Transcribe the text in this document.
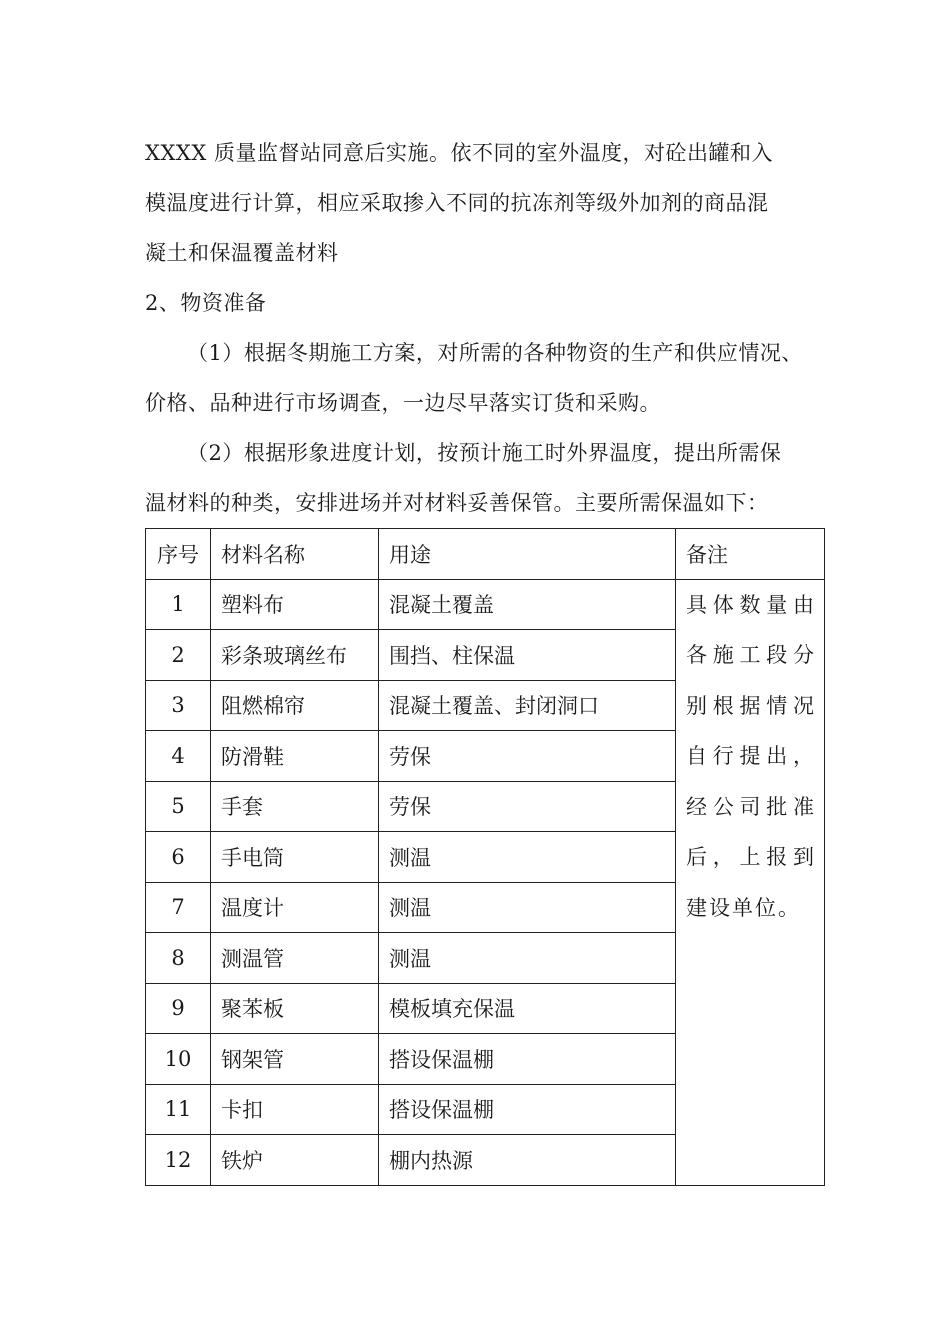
XXXX 质量监督站同意后实施。依不同的室外温度，对砼出罐和入
模温度进行计算，相应采取掺入不同的抗冻剂等级外加剂的商品混
凝土和保温覆盖材料

2、物资准备

（1）根据冬期施工方案，对所需的各种物资的生产和供应情况、
价格、品种进行市场调查，一边尽早落实订货和采购。

（2）根据形象进度计划，按预计施工时外界温度，提出所需保
温材料的种类，安排进场并对材料妥善保管。主要所需保温如下：

序号	材料名称	用途	备注
1	塑料布	混凝土覆盖	具体数量由各施工段分别根据情况自行提出，经公司批准后，上报到建设单位。

2	彩条玻璃丝布	围挡、柱保温	
3	阻燃棉帘	混凝土覆盖、封闭洞口	
4	防滑鞋	劳保	
5	手套	劳保	
6	手电筒	测温	
7	温度计	测温	
8	测温管	测温	
9	聚苯板	模板填充保温	
10	钢架管	搭设保温棚	
11	卡扣	搭设保温棚	
12	铁炉	棚内热源	
